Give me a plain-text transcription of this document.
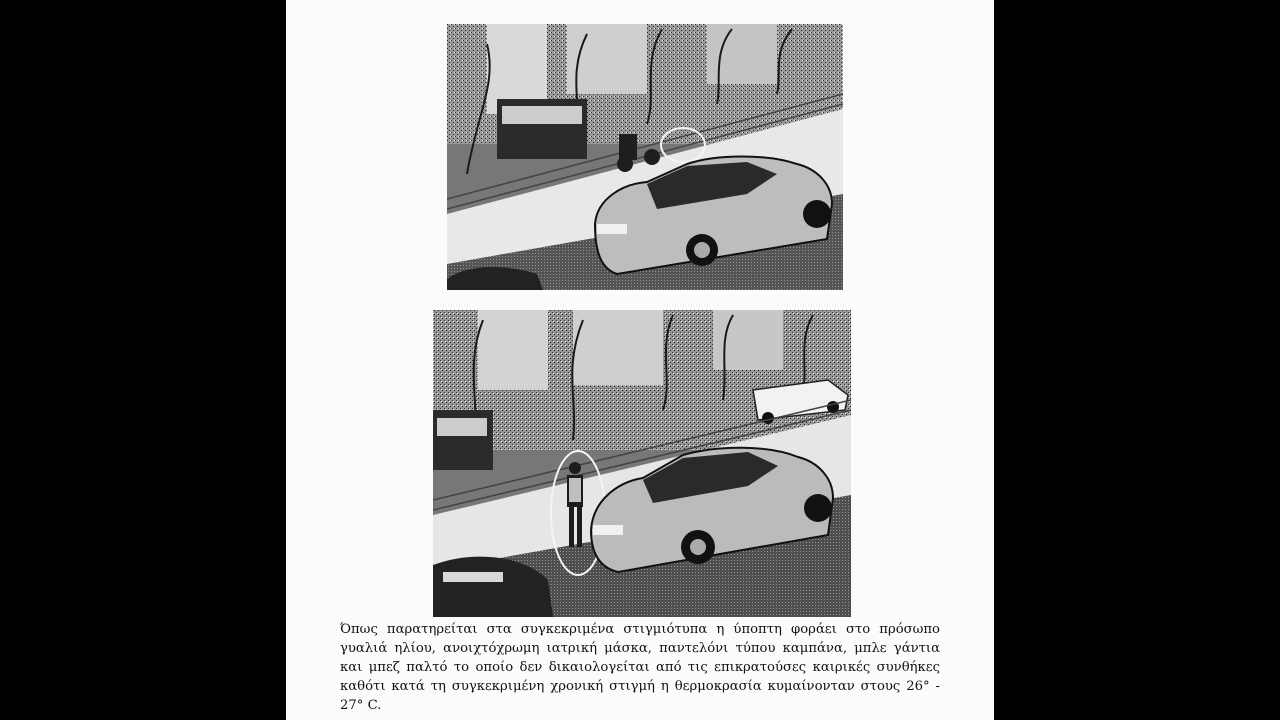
Όπως παρατηρείται στα συγκεκριμένα στιγμιότυπα η ύποπτη φοράει στο πρόσωπο
γυαλιά ηλίου, ανοιχτόχρωμη ιατρική μάσκα, παντελόνι τύπου καμπάνα, μπλε γάντια
και μπεζ παλτό το οποίο δεν δικαιολογείται από τις επικρατούσες καιρικές συνθήκες
καθότι κατά τη συγκεκριμένη χρονική στιγμή η θερμοκρασία κυμαίνονταν στους 26° -
27° C.
